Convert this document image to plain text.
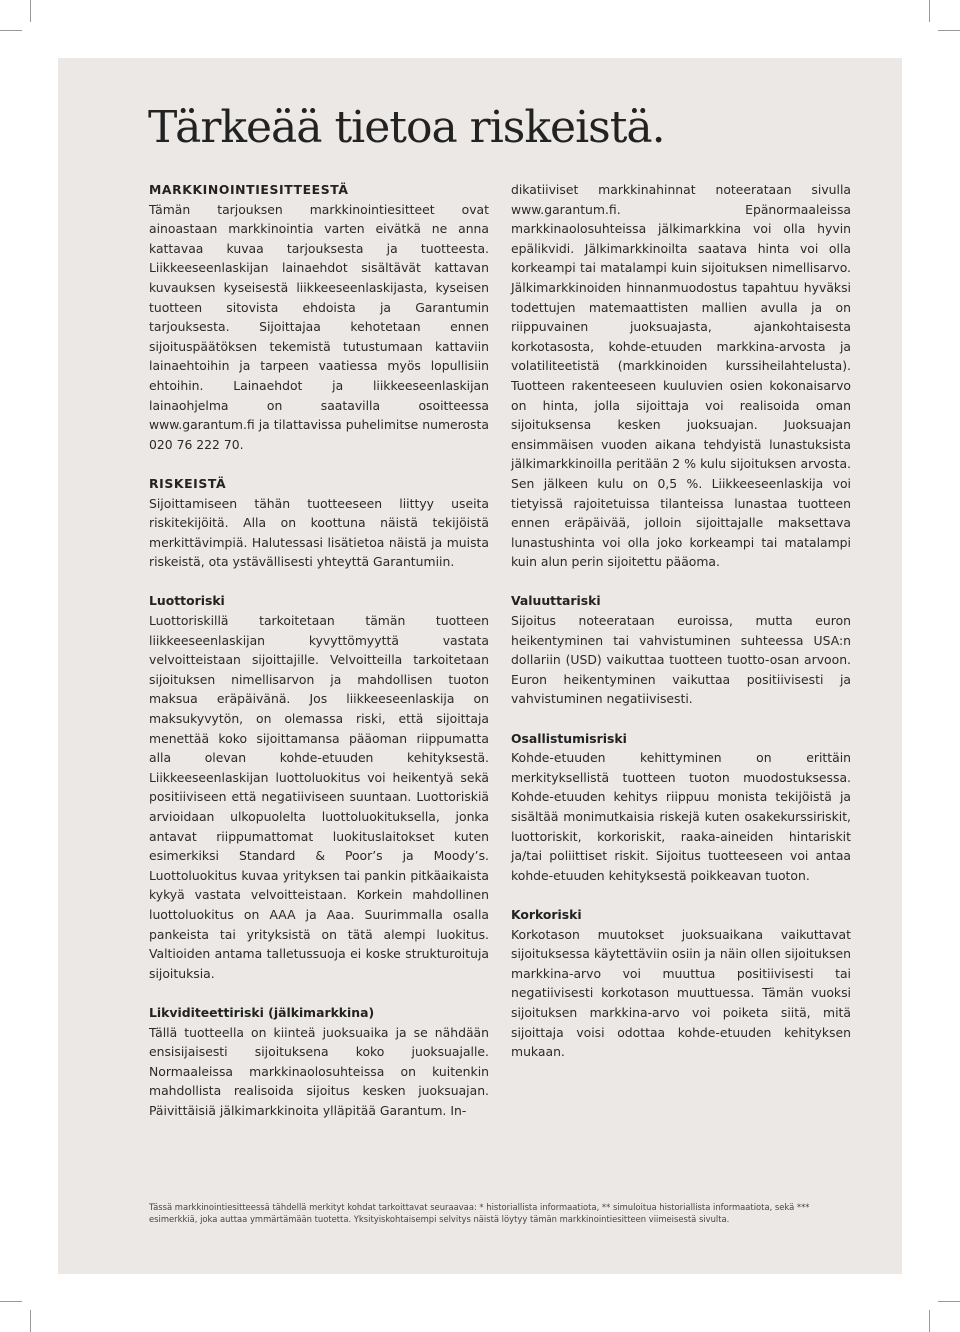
Tärkeää tietoa riskeistä.
MARKKINOINTIESITTEESTÄ

Tämän tarjouksen markkinointiesitteet ovat ainoastaan markkinointia varten eivätkä ne anna kattavaa kuvaa tarjouksesta ja tuotteesta. Liikkeeseenlaskijan lainaehdot sisältävät kattavan kuvauksen kyseisestä liikkeeseenlaskijasta, kyseisen tuotteen sitovista ehdoista ja Garantumin tarjouksesta. Sijoittajaa kehotetaan ennen sijoituspäätöksen tekemistä tutustumaan kattaviin lainaehtoihin ja tarpeen vaatiessa myös lopullisiin ehtoihin. Lainaehdot ja liikkeeseenlaskijan lainaohjelma on saatavilla osoitteessa www.garantum.fi ja tilattavissa puhelimitse numerosta 020 76 222 70.

RISKEISTÄ

Sijoittamiseen tähän tuotteeseen liittyy useita riskitekijöitä. Alla on koottuna näistä tekijöistä merkittävimpiä. Halutessasi lisätietoa näistä ja muista riskeistä, ota ystävällisesti yhteyttä Garantumiin.

Luottoriski

Luottoriskillä tarkoitetaan tämän tuotteen liikkeeseenlaskijan kyvyttömyyttä vastata velvoitteistaan sijoittajille. Velvoitteilla tarkoitetaan sijoituksen nimellisarvon ja mahdollisen tuoton maksua eräpäivänä. Jos liikkeeseenlaskija on maksukyvytön, on olemassa riski, että sijoittaja menettää koko sijoittamansa pääoman riippumatta alla olevan kohde-etuuden kehityksestä. Liikkeeseenlaskijan luottoluokitus voi heikentyä sekä positiiviseen että negatiiviseen suuntaan. Luottoriskiä arvioidaan ulkopuolelta luottoluokituksella, jonka antavat riippumattomat luokituslaitokset kuten esimerkiksi Standard & Poor’s ja Moody’s. Luottoluokitus kuvaa yrityksen tai pankin pitkäaikaista kykyä vastata velvoitteistaan. Korkein mahdollinen luottoluokitus on AAA ja Aaa. Suurimmalla osalla pankeista tai yrityksistä on tätä alempi luokitus. Valtioiden antama talletussuoja ei koske strukturoituja sijoituksia.

Likviditeettiriski (jälkimarkkina)

Tällä tuotteella on kiinteä juoksuaika ja se nähdään ensisijaisesti sijoituksena koko juoksuajalle. Normaaleissa markkinaolosuhteissa on kuitenkin mahdollista realisoida sijoitus kesken juoksuajan. Päivittäisiä jälkimarkkinoita ylläpitää Garantum. In-

dikatiiviset markkinahinnat noteerataan sivulla www.garantum.fi. Epänormaaleissa markkinaolosuhteissa jälkimarkkina voi olla hyvin epälikvidi. Jälkimarkkinoilta saatava hinta voi olla korkeampi tai matalampi kuin sijoituksen nimellisarvo. Jälkimarkkinoiden hinnanmuodostus tapahtuu hyväksi todettujen matemaattisten mallien avulla ja on riippuvainen juoksuajasta, ajankohtaisesta korkotasosta, kohde-etuuden markkina-arvosta ja volatiliteetistä (markkinoiden kurssiheilahtelusta). Tuotteen rakenteeseen kuuluvien osien kokonaisarvo on hinta, jolla sijoittaja voi realisoida oman sijoituksensa kesken juoksuajan. Juoksuajan ensimmäisen vuoden aikana tehdyistä lunastuksista jälkimarkkinoilla peritään 2 % kulu sijoituksen arvosta. Sen jälkeen kulu on 0,5 %. Liikkeeseenlaskija voi tietyissä rajoitetuissa tilanteissa lunastaa tuotteen ennen eräpäivää, jolloin sijoittajalle maksettava lunastushinta voi olla joko korkeampi tai matalampi kuin alun perin sijoitettu pääoma.

Valuuttariski

Sijoitus noteerataan euroissa, mutta euron heikentyminen tai vahvistuminen suhteessa USA:n dollariin (USD) vaikuttaa tuotteen tuotto-osan arvoon. Euron heikentyminen vaikuttaa positiivisesti ja vahvistuminen negatiivisesti.

Osallistumisriski

Kohde-etuuden kehittyminen on erittäin merkityksellistä tuotteen tuoton muodostuksessa. Kohde-etuuden kehitys riippuu monista tekijöistä ja sisältää monimutkaisia riskejä kuten osakekurssiriskit, luottoriskit, korkoriskit, raaka-aineiden hintariskit ja/tai poliittiset riskit. Sijoitus tuotteeseen voi antaa kohde-etuuden kehityksestä poikkeavan tuoton.

Korkoriski

Korkotason muutokset juoksuaikana vaikuttavat sijoituksessa käytettäviin osiin ja näin ollen sijoituksen markkina-arvo voi muuttua positiivisesti tai negatiivisesti korkotason muuttuessa. Tämän vuoksi sijoituksen markkina-arvo voi poiketa siitä, mitä sijoittaja voisi odottaa kohde-etuuden kehityksen mukaan.

Tässä markkinointiesitteessä tähdellä merkityt kohdat tarkoittavat seuraavaa: * historiallista informaatiota, ** simuloitua historiallista informaatiota, sekä *** esimerkkiä, joka auttaa ymmärtämään tuotetta. Yksityiskohtaisempi selvitys näistä löytyy tämän markkinointiesitteen viimeisestä sivulta.
